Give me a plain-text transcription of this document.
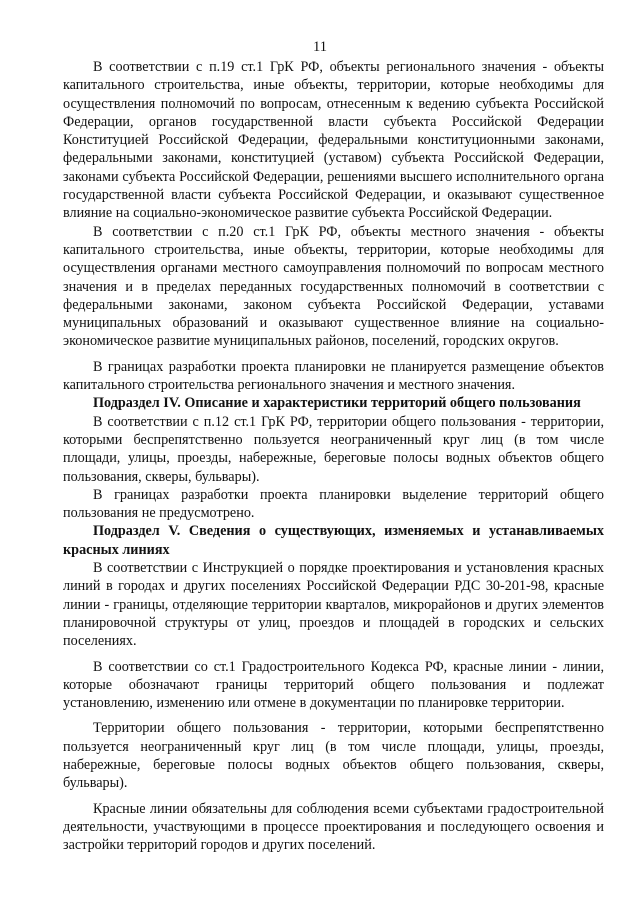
11

В соответствии с п.19 ст.1 ГрК РФ, объекты регионального значения - объекты капитального строительства, иные объекты, территории, которые необходимы для осуществления полномочий по вопросам, отнесенным к ведению субъекта Российской Федерации, органов государственной власти субъекта Российской Федерации Конституцией Российской Федерации, федеральными конституционными законами, федеральными законами, конституцией (уставом) субъекта Российской Федерации, законами субъекта Российской Федерации, решениями высшего исполнительного органа государственной власти субъекта Российской Федерации, и оказывают существенное влияние на социально-экономическое развитие субъекта Российской Федерации.

В соответствии с п.20 ст.1 ГрК РФ, объекты местного значения - объекты капитального строительства, иные объекты, территории, которые необходимы для осуществления органами местного самоуправления полномочий по вопросам местного значения и в пределах переданных государственных полномочий в соответствии с федеральными законами, законом субъекта Российской Федерации, уставами муниципальных образований и оказывают существенное влияние на социально-экономическое развитие муниципальных районов, поселений, городских округов.

В границах разработки проекта планировки не планируется размещение объектов капитального строительства регионального значения и местного значения.

Подраздел IV. Описание и характеристики территорий общего пользования

В соответствии с п.12 ст.1 ГрК РФ, территории общего пользования - территории, которыми беспрепятственно пользуется неограниченный круг лиц (в том числе площади, улицы, проезды, набережные, береговые полосы водных объектов общего пользования, скверы, бульвары).

В границах разработки проекта планировки выделение территорий общего пользования не предусмотрено.

Подраздел V. Сведения о существующих, изменяемых и устанавливаемых красных линиях

В соответствии с Инструкцией о порядке проектирования и установления красных линий в городах и других поселениях Российской Федерации РДС 30-201-98, красные линии - границы, отделяющие территории кварталов, микрорайонов и других элементов планировочной структуры от улиц, проездов и площадей в городских и сельских поселениях.

В соответствии со ст.1 Градостроительного Кодекса РФ, красные линии - линии, которые обозначают границы территорий общего пользования и подлежат установлению, изменению или отмене в документации по планировке территории.

Территории общего пользования - территории, которыми беспрепятственно пользуется неограниченный круг лиц (в том числе площади, улицы, проезды, набережные, береговые полосы водных объектов общего пользования, скверы, бульвары).

Красные линии обязательны для соблюдения всеми субъектами градостроительной деятельности, участвующими в процессе проектирования и последующего освоения и застройки территорий городов и других поселений.
